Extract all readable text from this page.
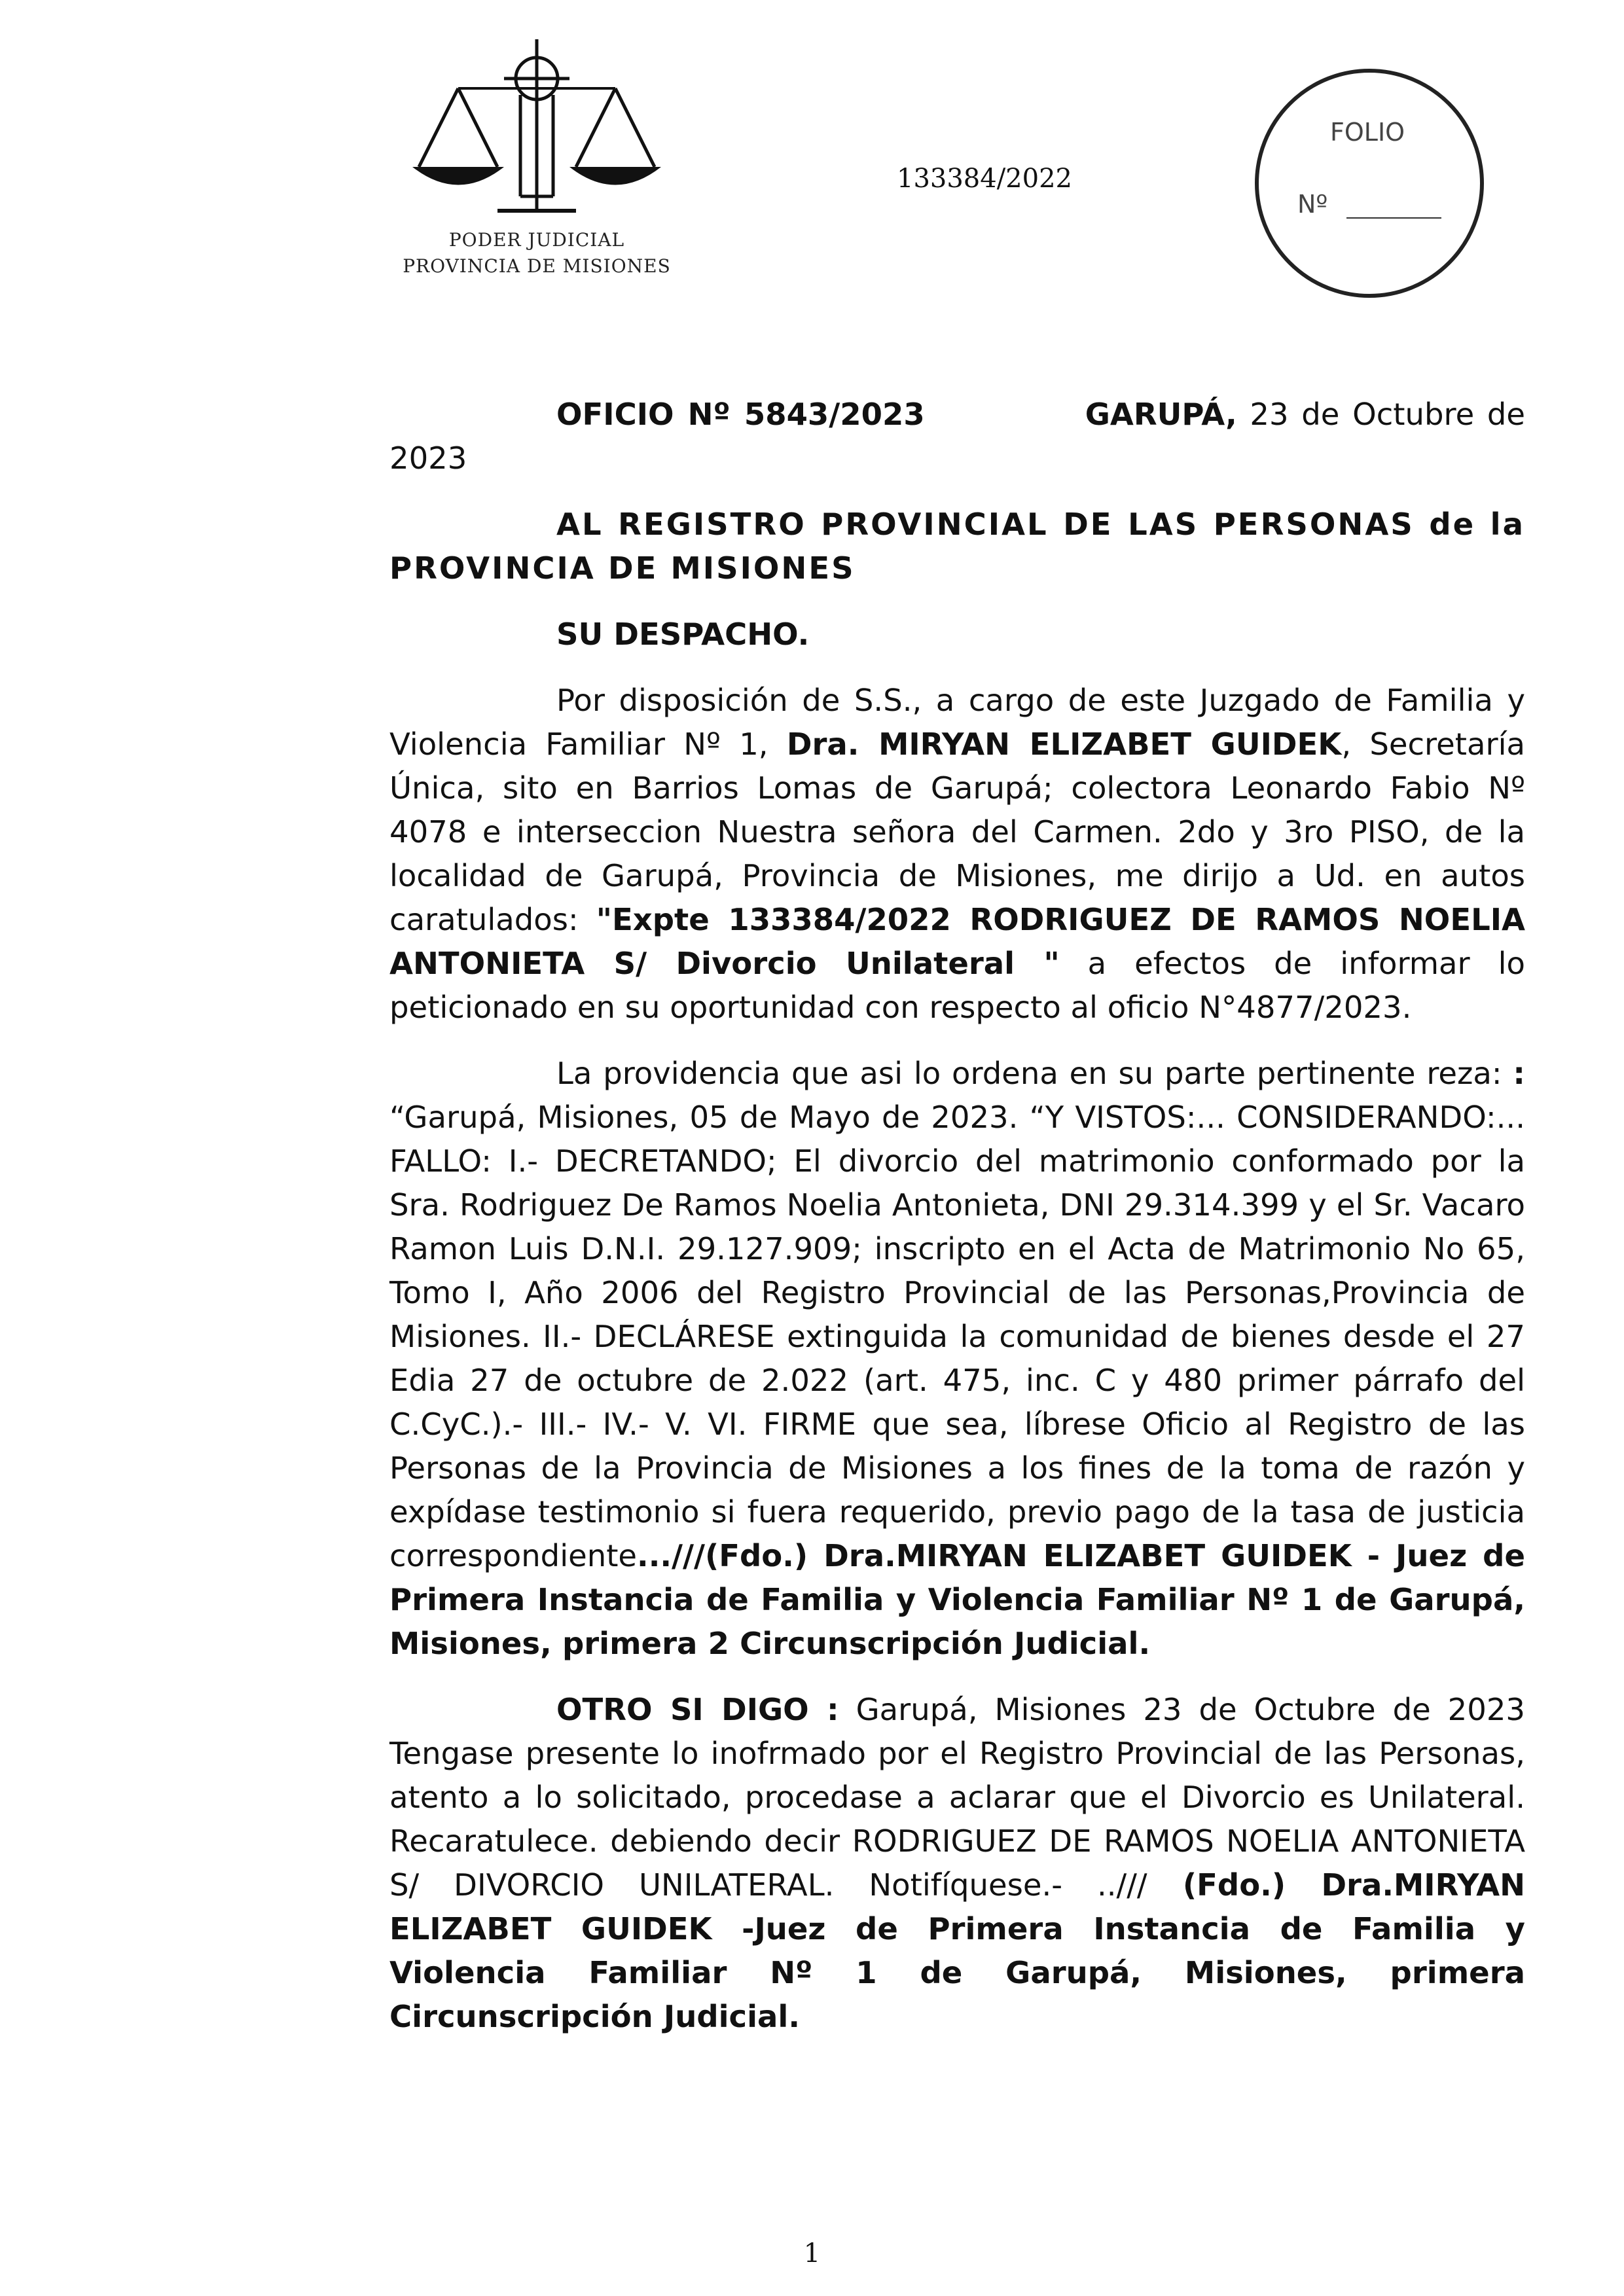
PODER JUDICIAL
PROVINCIA DE MISIONES
133384/2022
FOLIO
Nº

OFICIO Nº 5843/2023	GARUPÁ, 23 de Octubre de 2023

AL REGISTRO PROVINCIAL DE LAS PERSONAS de la PROVINCIA DE MISIONES

SU DESPACHO.

Por disposición de S.S., a cargo de este Juzgado de Familia y Violencia Familiar Nº 1, Dra. MIRYAN ELIZABET GUIDEK, Secretaría Única, sito en Barrios Lomas de Garupá; colectora Leonardo Fabio Nº 4078 e interseccion Nuestra señora del Carmen. 2do y 3ro PISO, de la localidad de Garupá, Provincia de Misiones, me dirijo a Ud. en autos caratulados: "Expte 133384/2022 RODRIGUEZ DE RAMOS NOELIA ANTONIETA S/ Divorcio Unilateral " a efectos de informar lo peticionado en su oportunidad con respecto al oficio N°4877/2023.

La providencia que asi lo ordena en su parte pertinente reza: : “Garupá, Misiones, 05 de Mayo de 2023. “Y VISTOS:... CONSIDERANDO:... FALLO: I.- DECRETANDO; El divorcio del matrimonio conformado por la Sra. Rodriguez De Ramos Noelia Antonieta, DNI 29.314.399 y el Sr. Vacaro Ramon Luis D.N.I. 29.127.909; inscripto en el Acta de Matrimonio No 65, Tomo I, Año 2006 del Registro Provincial de las Personas,Provincia de Misiones. II.- DECLÁRESE extinguida la comunidad de bienes desde el 27 Edia 27 de octubre de 2.022 (art. 475, inc. C y 480 primer párrafo del C.CyC.).- III.- IV.- V. VI. FIRME que sea, líbrese Oficio al Registro de las Personas de la Provincia de Misiones a los fines de la toma de razón y expídase testimonio si fuera requerido, previo pago de la tasa de justicia correspondiente...///(Fdo.) Dra.MIRYAN ELIZABET GUIDEK - Juez de Primera Instancia de Familia y Violencia Familiar Nº 1 de Garupá, Misiones, primera 2 Circunscripción Judicial.

OTRO SI DIGO : Garupá, Misiones 23 de Octubre de 2023 Tengase presente lo inofrmado por el Registro Provincial de las Personas, atento a lo solicitado, procedase a aclarar que el Divorcio es Unilateral. Recaratulece. debiendo decir RODRIGUEZ DE RAMOS NOELIA ANTONIETA S/ DIVORCIO UNILATERAL. Notifíquese.- ../// (Fdo.) Dra.MIRYAN ELIZABET GUIDEK -Juez de Primera Instancia de Familia y Violencia Familiar Nº 1 de Garupá, Misiones, primera Circunscripción Judicial.

1
